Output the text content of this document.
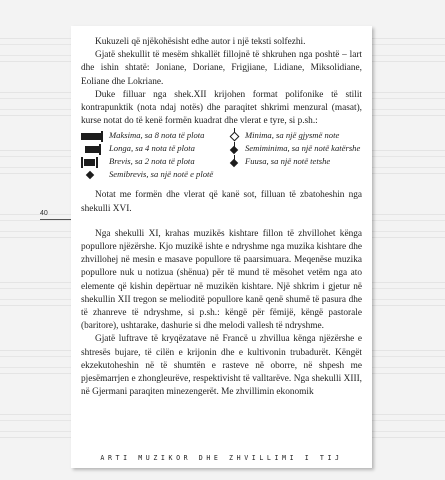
40

Kukuzeli që njëkohësisht edhe autor i një teksti solfezhi.

Gjatë shekullit të mesëm shkallët fillojnë të shkruhen nga poshtë – lart dhe ishin shtatë: Joniane, Doriane, Frigjiane, Lidiane, Miksolidiane, Eoliane dhe Lokriane.

Duke filluar nga shek.XII krijohen format polifonike të stilit kontrapunktik (nota ndaj notës) dhe paraqitet shkrimi menzural (masat), kurse notat do të kenë formën kuadrat dhe vlerat e tyre, si p.sh.:

Maksima, sa 8 nota të plota	Minima, sa një gjysmë note
Longa, sa 4 nota të plota	Semiminima, sa një notë katërshe
Brevis, sa 2 nota të plota	Fuusa, sa një notë tetshe
Semibrevis, sa një notë e plotë

Notat me formën dhe vlerat që kanë sot, filluan të zbatoheshin nga shekulli XVI.

Nga shekulli XI, krahas muzikës kishtare fillon të zhvillohet kënga popullore njëzërshe. Kjo muzikë ishte e ndryshme nga muzika kishtare dhe zhvillohej në mesin e masave popullore të paarsimuara. Meqenëse muzika popullore nuk u notizua (shënua) për të mund të mësohet vetëm nga ato elemente që kishin depërtuar në muzikën kishtare. Një shkrim i gjetur në shekullin XII tregon se melioditë popullore kanë qenë shumë të pasura dhe të zhanreve të ndryshme, si p.sh.: këngë për fëmijë, këngë pastorale (baritore), ushtarake, dashurie si dhe melodi vallesh të ndryshme.

Gjatë luftrave të kryqëzatave në Francë u zhvillua kënga njëzërshe e shtresës bujare, të cilën e krijonin dhe e kultivonin trubadurët. Këngët ekzekutoheshin në të shumtën e rasteve në oborre, në shpesh me pjesëmarrjen e zhongleurëve, respektivisht të valltarëve. Nga shekulli XIII, në Gjermani paraqiten minezengerët. Me zhvillimin ekonomik

ARTI MUZIKOR DHE ZHVILLIMI I TIJ
